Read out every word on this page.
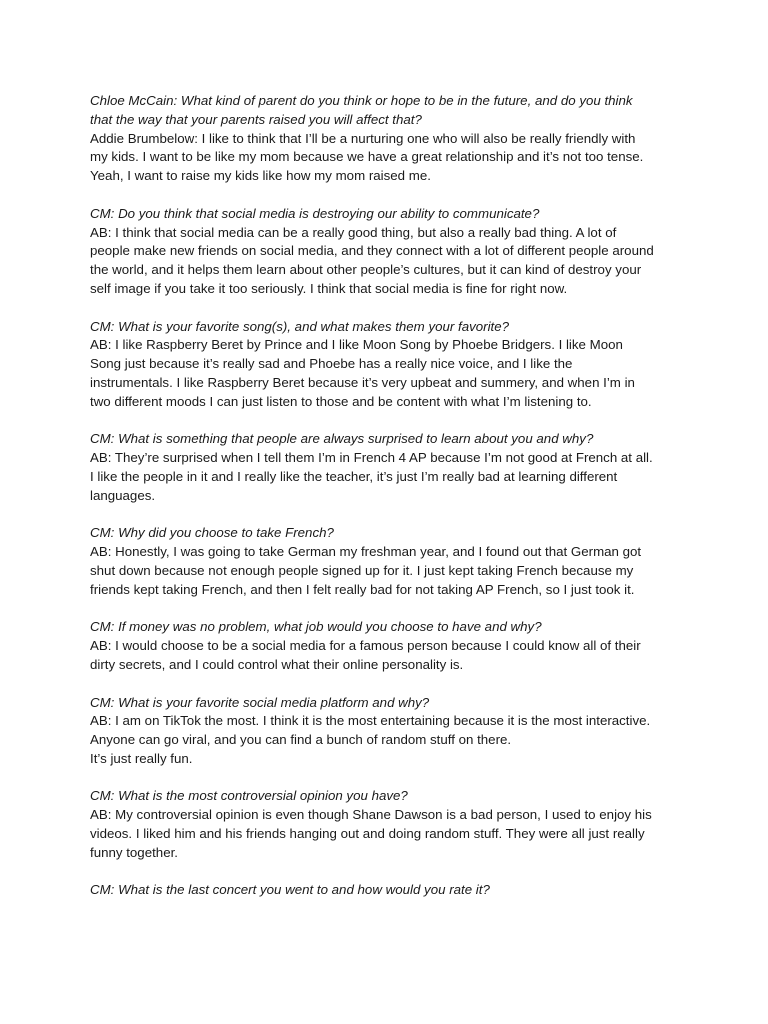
Chloe McCain: What kind of parent do you think or hope to be in the future, and do you think
that the way that your parents raised you will affect that?
Addie Brumbelow: I like to think that I’ll be a nurturing one who will also be really friendly with
my kids. I want to be like my mom because we have a great relationship and it’s not too tense.
Yeah, I want to raise my kids like how my mom raised me.
CM: Do you think that social media is destroying our ability to communicate?
AB: I think that social media can be a really good thing, but also a really bad thing. A lot of
people make new friends on social media, and they connect with a lot of different people around
the world, and it helps them learn about other people’s cultures, but it can kind of destroy your
self image if you take it too seriously. I think that social media is fine for right now.
CM: What is your favorite song(s), and what makes them your favorite?
AB: I like Raspberry Beret by Prince and I like Moon Song by Phoebe Bridgers. I like Moon
Song just because it’s really sad and Phoebe has a really nice voice, and I like the
instrumentals. I like Raspberry Beret because it’s very upbeat and summery, and when I’m in
two different moods I can just listen to those and be content with what I’m listening to.
CM: What is something that people are always surprised to learn about you and why?
AB: They’re surprised when I tell them I’m in French 4 AP because I’m not good at French at all.
I like the people in it and I really like the teacher, it’s just I’m really bad at learning different
languages.
CM: Why did you choose to take French?
AB: Honestly, I was going to take German my freshman year, and I found out that German got
shut down because not enough people signed up for it. I just kept taking French because my
friends kept taking French, and then I felt really bad for not taking AP French, so I just took it.
CM: If money was no problem, what job would you choose to have and why?
AB: I would choose to be a social media for a famous person because I could know all of their
dirty secrets, and I could control what their online personality is.
CM: What is your favorite social media platform and why?
AB: I am on TikTok the most. I think it is the most entertaining because it is the most interactive.
Anyone can go viral, and you can find a bunch of random stuff on there.
It’s just really fun.
CM: What is the most controversial opinion you have?
AB: My controversial opinion is even though Shane Dawson is a bad person, I used to enjoy his
videos. I liked him and his friends hanging out and doing random stuff. They were all just really
funny together.
CM: What is the last concert you went to and how would you rate it?
